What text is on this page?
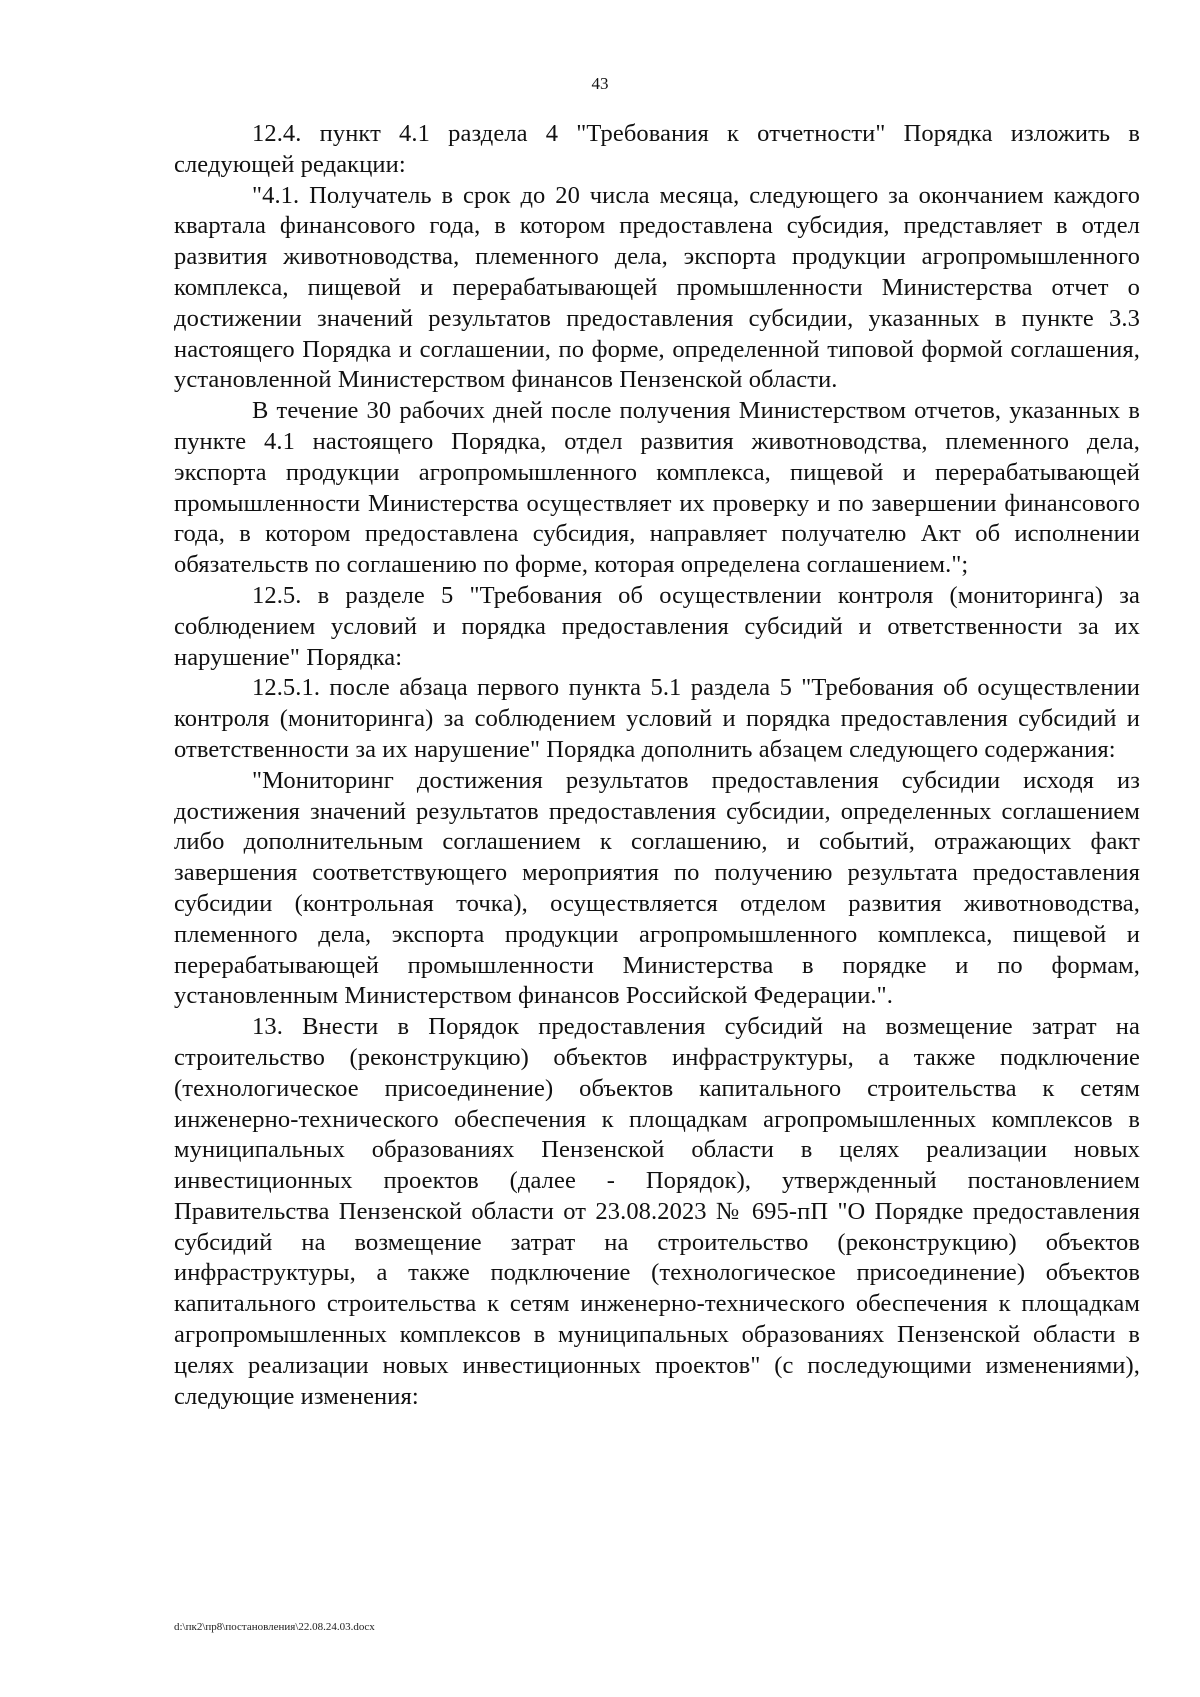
43

12.4. пункт 4.1 раздела 4 "Требования к отчетности" Порядка изложить в следующей редакции:

"4.1. Получатель в срок до 20 числа месяца, следующего за окончанием каждого квартала финансового года, в котором предоставлена субсидия, представляет в отдел развития животноводства, племенного дела, экспорта продукции агропромышленного комплекса, пищевой и перерабатывающей промышленности Министерства отчет о достижении значений результатов предоставления субсидии, указанных в пункте 3.3 настоящего Порядка и соглашении, по форме, определенной типовой формой соглашения, установленной Министерством финансов Пензенской области.

В течение 30 рабочих дней после получения Министерством отчетов, указанных в пункте 4.1 настоящего Порядка, отдел развития животноводства, племенного дела, экспорта продукции агропромышленного комплекса, пищевой и перерабатывающей промышленности Министерства осуществляет их проверку и по завершении финансового года, в котором предоставлена субсидия, направляет получателю Акт об исполнении обязательств по соглашению по форме, которая определена соглашением.";

12.5. в разделе 5 "Требования об осуществлении контроля (мониторинга) за соблюдением условий и порядка предоставления субсидий и ответственности за их нарушение" Порядка:

12.5.1. после абзаца первого пункта 5.1 раздела 5 "Требования об осуществлении контроля (мониторинга) за соблюдением условий и порядка предоставления субсидий и ответственности за их нарушение" Порядка дополнить абзацем следующего содержания:

"Мониторинг достижения результатов предоставления субсидии исходя из достижения значений результатов предоставления субсидии, определенных соглашением либо дополнительным соглашением к соглашению, и событий, отражающих факт завершения соответствующего мероприятия по получению результата предоставления субсидии (контрольная точка), осуществляется отделом развития животноводства, племенного дела, экспорта продукции агропромышленного комплекса, пищевой и перерабатывающей промышленности Министерства в порядке и по формам, установленным Министерством финансов Российской Федерации.".

13. Внести в Порядок предоставления субсидий на возмещение затрат на строительство (реконструкцию) объектов инфраструктуры, а также подключение (технологическое присоединение) объектов капитального строительства к сетям инженерно-технического обеспечения к площадкам агропромышленных комплексов в муниципальных образованиях Пензенской области в целях реализации новых инвестиционных проектов (далее - Порядок), утвержденный постановлением Правительства Пензенской области от 23.08.2023 № 695-пП "О Порядке предоставления субсидий на возмещение затрат на строительство (реконструкцию) объектов инфраструктуры, а также подключение (технологическое присоединение) объектов капитального строительства к сетям инженерно-технического обеспечения к площадкам агропромышленных комплексов в муниципальных образованиях Пензенской области в целях реализации новых инвестиционных проектов" (с последующими изменениями), следующие изменения:

d:\пк2\пр8\постановления\22.08.24.03.docx
